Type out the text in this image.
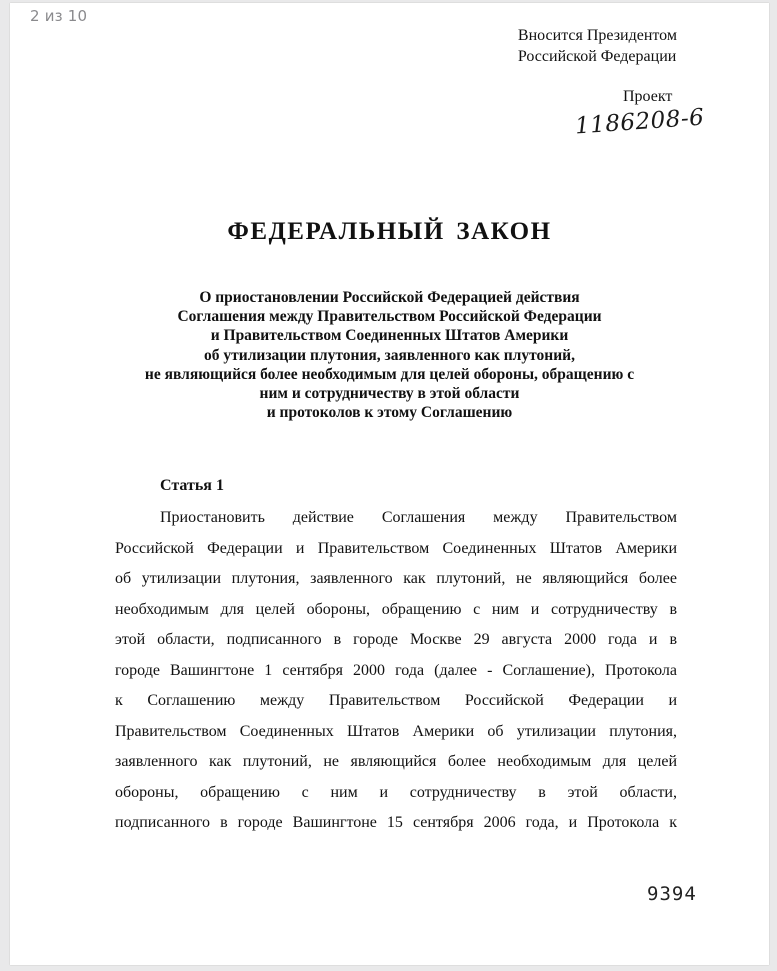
Вносится Президентом
Российской Федерации
Проект
1186208-6
ФЕДЕРАЛЬНЫЙ ЗАКОН
О приостановлении Российской Федерацией действия
Соглашения между Правительством Российской Федерации
и Правительством Соединенных Штатов Америки
об утилизации плутония, заявленного как плутоний,
не являющийся более необходимым для целей обороны, обращению с
ним и сотрудничеству в этой области
и протоколов к этому Соглашению
Статья 1
Приостановить действие Соглашения между Правительством
Российской Федерации и Правительством Соединенных Штатов Америки
об утилизации плутония, заявленного как плутоний, не являющийся более
необходимым для целей обороны, обращению с ним и сотрудничеству в
этой области, подписанного в городе Москве 29 августа 2000 года и в
городе Вашингтоне 1 сентября 2000 года (далее - Соглашение), Протокола
к Соглашению между Правительством Российской Федерации и
Правительством Соединенных Штатов Америки об утилизации плутония,
заявленного как плутоний, не являющийся более необходимым для целей
обороны, обращению с ним и сотрудничеству в этой области,
подписанного в городе Вашингтоне 15 сентября 2006 года, и Протокола к
9394
2 из 10
